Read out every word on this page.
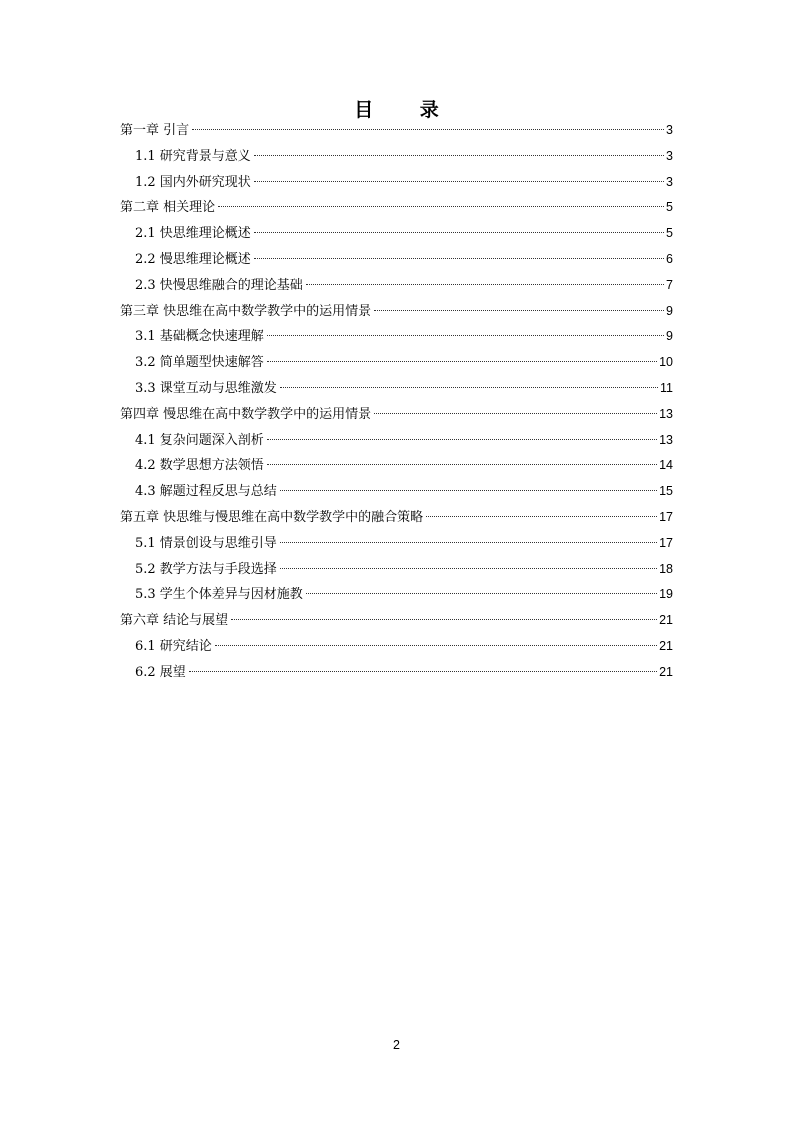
目 录
第一章 引言	3
1.1 研究背景与意义	3
1.2 国内外研究现状	3
第二章 相关理论	5
2.1 快思维理论概述	5
2.2 慢思维理论概述	6
2.3 快慢思维融合的理论基础	7
第三章 快思维在高中数学教学中的运用情景	9
3.1 基础概念快速理解	9
3.2 简单题型快速解答	10
3.3 课堂互动与思维激发	11
第四章 慢思维在高中数学教学中的运用情景	13
4.1 复杂问题深入剖析	13
4.2 数学思想方法领悟	14
4.3 解题过程反思与总结	15
第五章 快思维与慢思维在高中数学教学中的融合策略	17
5.1 情景创设与思维引导	17
5.2 教学方法与手段选择	18
5.3 学生个体差异与因材施教	19
第六章 结论与展望	21
6.1 研究结论	21
6.2 展望	21
2
